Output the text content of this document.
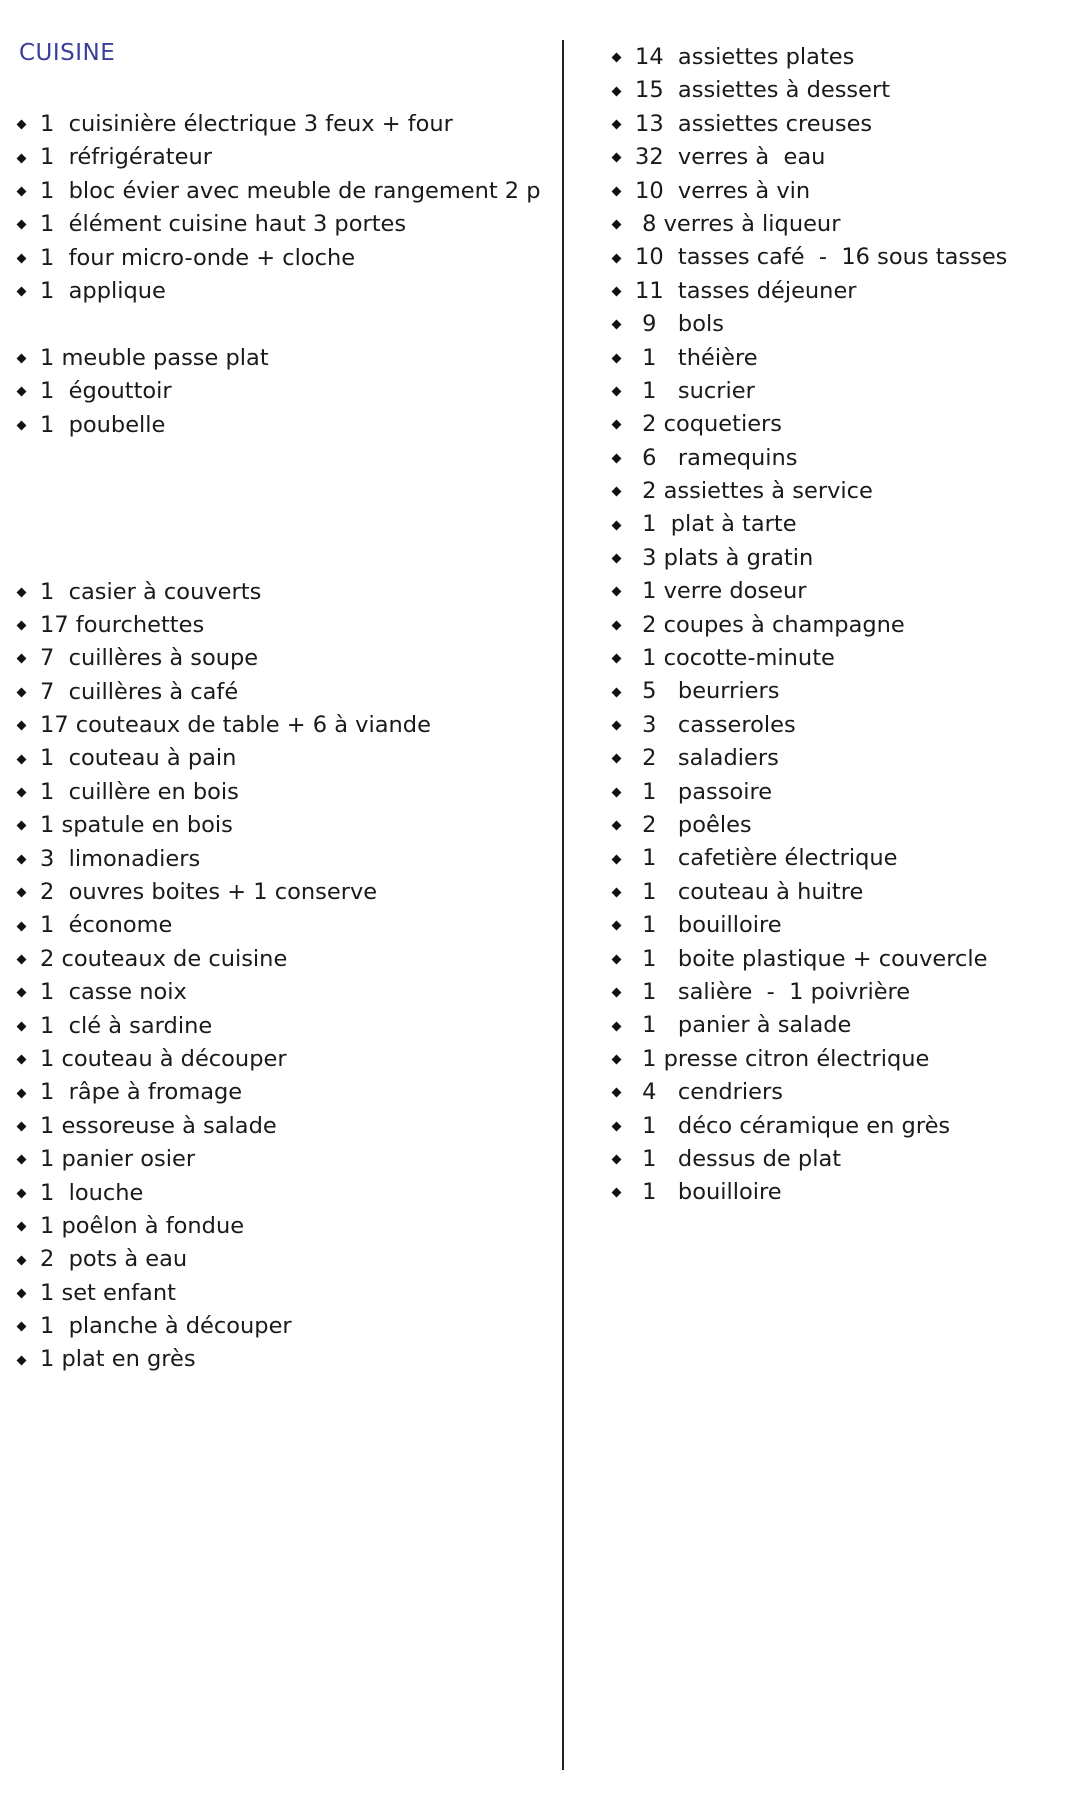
CUISINE
1  cuisinière électrique 3 feux + four
1  réfrigérateur
1  bloc évier avec meuble de rangement 2 p
1  élément cuisine haut 3 portes
1  four micro-onde + cloche
1  applique
1 meuble passe plat
1  égouttoir
1  poubelle
1  casier à couverts
17 fourchettes
7  cuillères à soupe
7  cuillères à café
17 couteaux de table + 6 à viande
1  couteau à pain
1  cuillère en bois
1 spatule en bois
3  limonadiers
2  ouvres boites + 1 conserve
1  économe
2 couteaux de cuisine
1  casse noix
1  clé à sardine
1 couteau à découper
1  râpe à fromage
1 essoreuse à salade
1 panier osier
1  louche
1 poêlon à fondue
2  pots à eau
1 set enfant
1  planche à découper
1 plat en grès
14  assiettes plates
15  assiettes à dessert
13  assiettes creuses
32  verres à  eau
10  verres à vin
8 verres à liqueur
10  tasses café  -  16 sous tasses
11  tasses déjeuner
9   bols
1   théière
1   sucrier
2 coquetiers
6   ramequins
2 assiettes à service
1  plat à tarte
3 plats à gratin
1 verre doseur
2 coupes à champagne
1 cocotte-minute
5   beurriers
3   casseroles
2   saladiers
1   passoire
2   poêles
1   cafetière électrique
1   couteau à huitre
1   bouilloire
1   boite plastique + couvercle
1   salière  -  1 poivrière
1   panier à salade
1 presse citron électrique
4   cendriers
1   déco céramique en grès
1   dessus de plat
1   bouilloire
